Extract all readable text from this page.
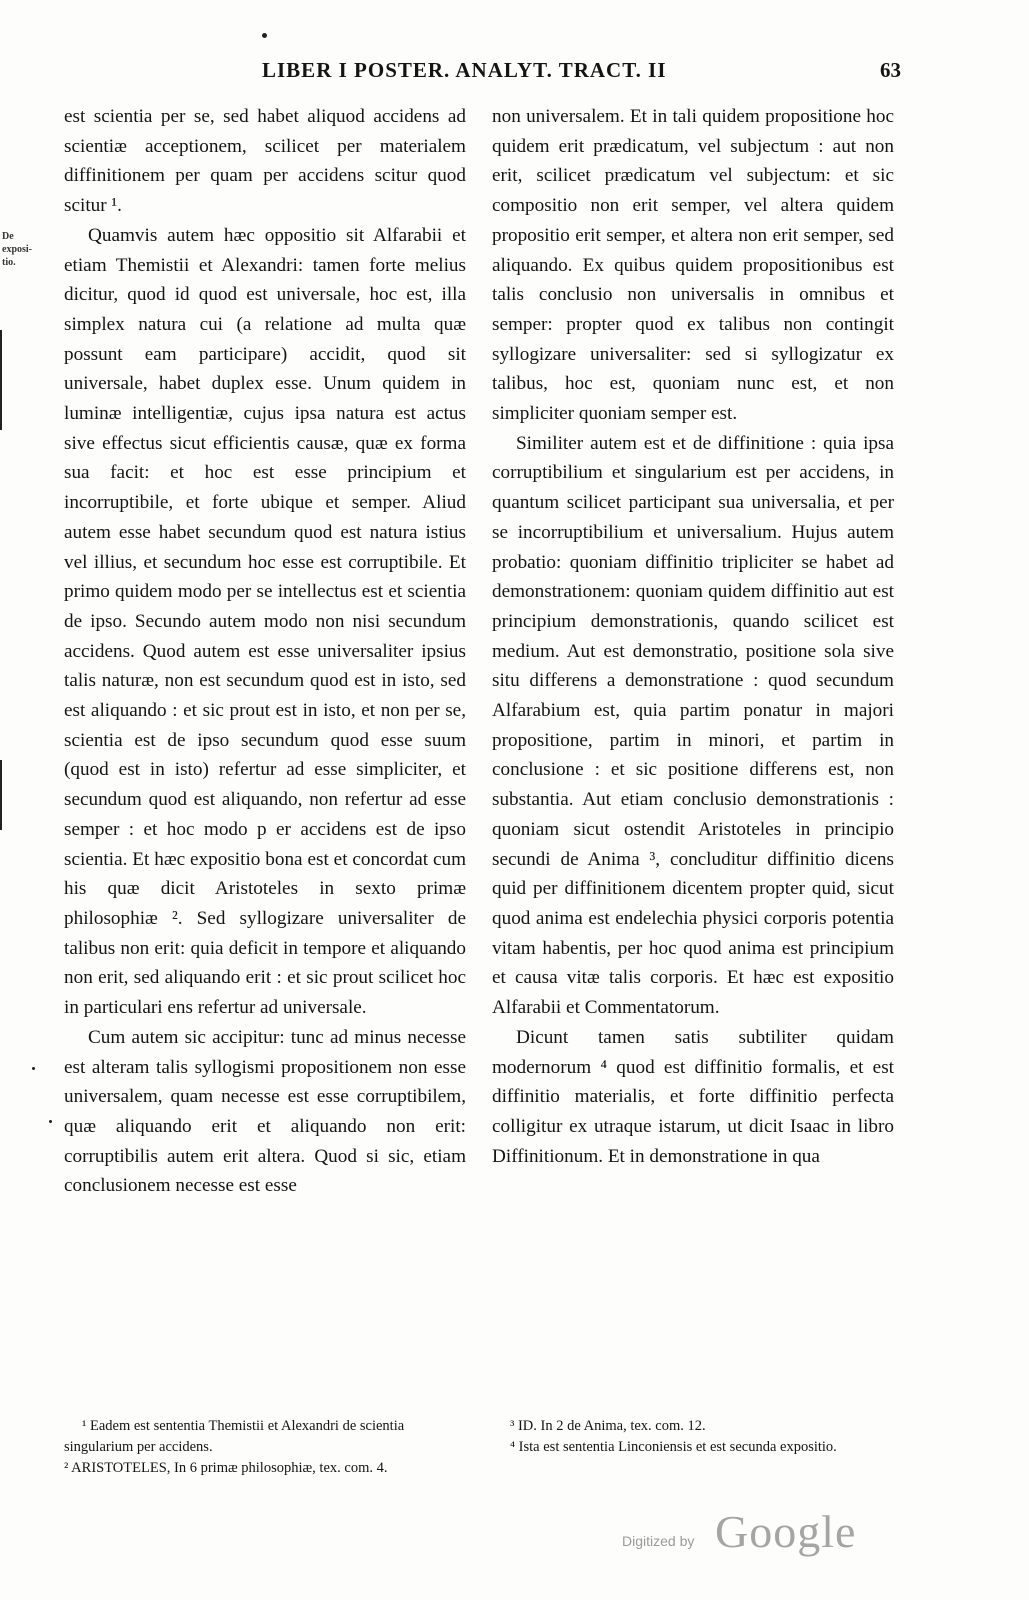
LIBER I POSTER. ANALYT. TRACT. II	63
De exposi- tio.

est scientia per se, sed habet aliquod accidens ad scientiæ acceptionem, scilicet per materialem diffinitionem per quam per accidens scitur quod scitur ¹.

Quamvis autem hæc oppositio sit Alfarabii et etiam Themistii et Alexandri: tamen forte melius dicitur, quod id quod est universale, hoc est, illa simplex natura cui (a relatione ad multa quæ possunt eam participare) accidit, quod sit universale, habet duplex esse. Unum quidem in luminæ intelligentiæ, cujus ipsa natura est actus sive effectus sicut efficientis causæ, quæ ex forma sua facit: et hoc est esse principium et incorruptibile, et forte ubique et semper. Aliud autem esse habet secundum quod est natura istius vel illius, et secundum hoc esse est corruptibile. Et primo quidem modo per se intellectus est et scientia de ipso. Secundo autem modo non nisi secundum accidens. Quod autem est esse universaliter ipsius talis naturæ, non est secundum quod est in isto, sed est aliquando : et sic prout est in isto, et non per se, scientia est de ipso secundum quod esse suum (quod est in isto) refertur ad esse simpliciter, et secundum quod est aliquando, non refertur ad esse semper : et hoc modo p er accidens est de ipso scientia. Et hæc expositio bona est et concordat cum his quæ dicit Aristoteles in sexto primæ philosophiæ ². Sed syllogizare universaliter de talibus non erit: quia deficit in tempore et aliquando non erit, sed aliquando erit : et sic prout scilicet hoc in particulari ens refertur ad universale.

Cum autem sic accipitur: tunc ad minus necesse est alteram talis syllogismi propositionem non esse universalem, quam necesse est esse corruptibilem, quæ aliquando erit et aliquando non erit: corruptibilis autem erit altera. Quod si sic, etiam conclusionem necesse est esse

non universalem. Et in tali quidem propositione hoc quidem erit prædicatum, vel subjectum : aut non erit, scilicet prædicatum vel subjectum: et sic compositio non erit semper, vel altera quidem propositio erit semper, et altera non erit semper, sed aliquando. Ex quibus quidem propositionibus est talis conclusio non universalis in omnibus et semper: propter quod ex talibus non contingit syllogizare universaliter: sed si syllogizatur ex talibus, hoc est, quoniam nunc est, et non simpliciter quoniam semper est.

Similiter autem est et de diffinitione : quia ipsa corruptibilium et singularium est per accidens, in quantum scilicet participant sua universalia, et per se incorruptibilium et universalium. Hujus autem probatio: quoniam diffinitio tripliciter se habet ad demonstrationem: quoniam quidem diffinitio aut est principium demonstrationis, quando scilicet est medium. Aut est demonstratio, positione sola sive situ differens a demonstratione : quod secundum Alfarabium est, quia partim ponatur in majori propositione, partim in minori, et partim in conclusione : et sic positione differens est, non substantia. Aut etiam conclusio demonstrationis : quoniam sicut ostendit Aristoteles in principio secundi de Anima ³, concluditur diffinitio dicens quid per diffinitionem dicentem propter quid, sicut quod anima est endelechia physici corporis potentia vitam habentis, per hoc quod anima est principium et causa vitæ talis corporis. Et hæc est expositio Alfarabii et Commentatorum.

Dicunt tamen satis subtiliter quidam modernorum ⁴ quod est diffinitio formalis, et est diffinitio materialis, et forte diffinitio perfecta colligitur ex utraque istarum, ut dicit Isaac in libro Diffinitionum. Et in demonstratione in qua

¹ Eadem est sententia Themistii et Alexandri de scientia singularium per accidens.

² ARISTOTELES, In 6 primæ philosophiæ, tex. com. 4.

³ ID. In 2 de Anima, tex. com. 12.

⁴ Ista est sententia Linconiensis et est secunda expositio.

Digitized by Google
